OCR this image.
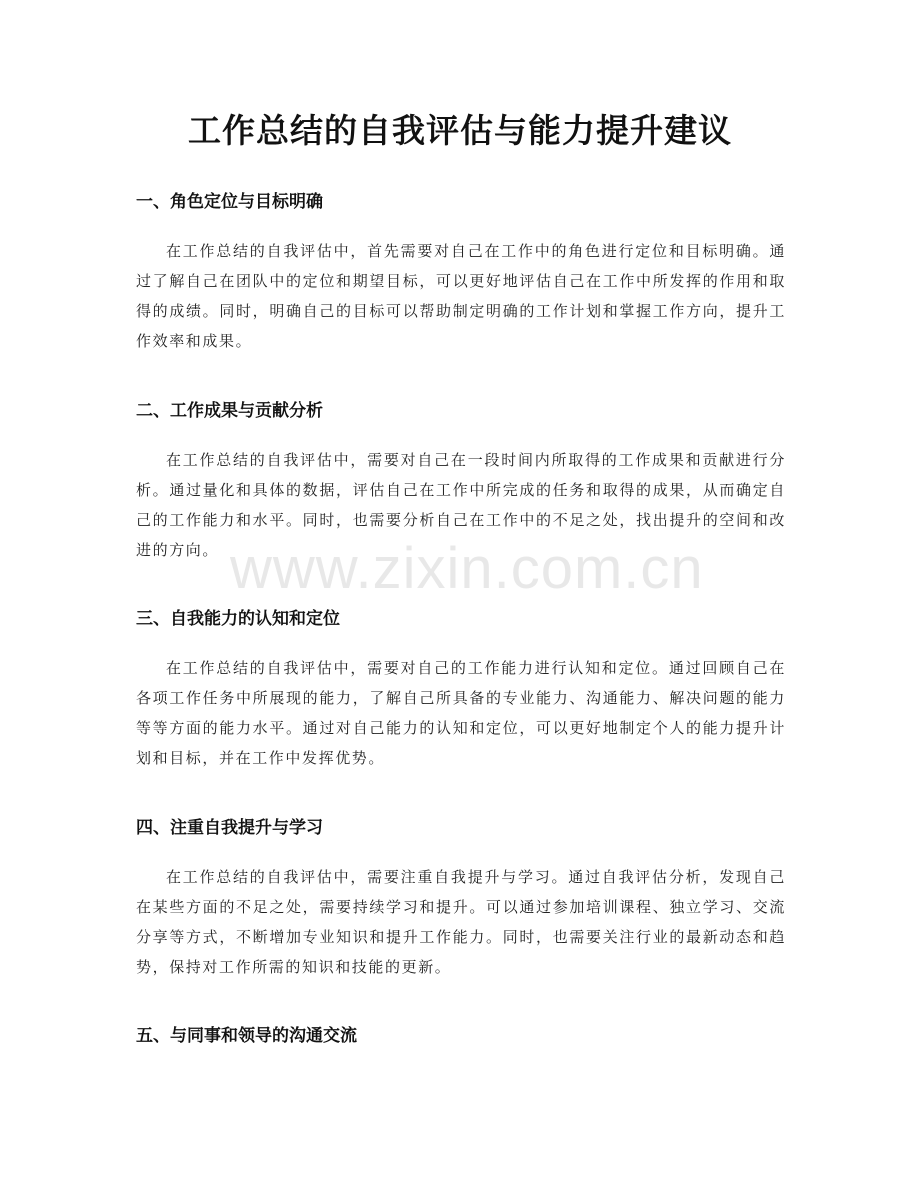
工作总结的自我评估与能力提升建议
一、角色定位与目标明确

在工作总结的自我评估中，首先需要对自己在工作中的角色进行定位和目标明确。通过了解自己在团队中的定位和期望目标，可以更好地评估自己在工作中所发挥的作用和取得的成绩。同时，明确自己的目标可以帮助制定明确的工作计划和掌握工作方向，提升工作效率和成果。

二、工作成果与贡献分析

在工作总结的自我评估中，需要对自己在一段时间内所取得的工作成果和贡献进行分析。通过量化和具体的数据，评估自己在工作中所完成的任务和取得的成果，从而确定自己的工作能力和水平。同时，也需要分析自己在工作中的不足之处，找出提升的空间和改进的方向。

三、自我能力的认知和定位

在工作总结的自我评估中，需要对自己的工作能力进行认知和定位。通过回顾自己在各项工作任务中所展现的能力，了解自己所具备的专业能力、沟通能力、解决问题的能力等等方面的能力水平。通过对自己能力的认知和定位，可以更好地制定个人的能力提升计划和目标，并在工作中发挥优势。

四、注重自我提升与学习

在工作总结的自我评估中，需要注重自我提升与学习。通过自我评估分析，发现自己在某些方面的不足之处，需要持续学习和提升。可以通过参加培训课程、独立学习、交流分享等方式，不断增加专业知识和提升工作能力。同时，也需要关注行业的最新动态和趋势，保持对工作所需的知识和技能的更新。

五、与同事和领导的沟通交流
www.zixin.com.cn
